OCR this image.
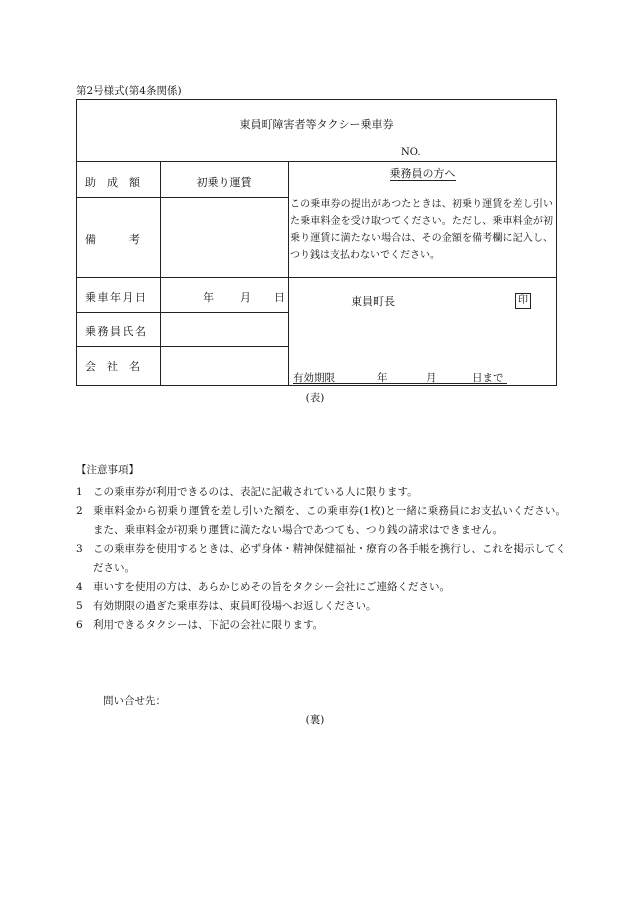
第2号様式(第4条関係)
東員町障害者等タクシー乗車券
NO.
助　成　額	初乗り運賃
備　　　考
乗車年月日	年 月 日
乗務員氏名
会　社　名
乗務員の方へ
この乗車券の提出があつたときは、初乗り運賃を差し引いた乗車料金を受け取つてください。ただし、乗車料金が初乗り運賃に満たない場合は、その金額を備考欄に記入し、つり銭は支払わないでください。
東員町長	印
有効期限	年	月	日まで
(表)
【注意事項】
1 この乗車券が利用できるのは、表記に記載されている人に限ります。
2 乗車料金から初乗り運賃を差し引いた額を、この乗車券(1枚)と一緒に乗務員にお支払いください。また、乗車料金が初乗り運賃に満たない場合であつても、つり銭の請求はできません。
3 この乗車券を使用するときは、必ず身体・精神保健福祉・療育の各手帳を携行し、これを掲示してください。
4 車いすを使用の方は、あらかじめその旨をタクシー会社にご連絡ください。
5 有効期限の過ぎた乗車券は、東員町役場へお返しください。
6 利用できるタクシーは、下記の会社に限ります。
問い合せ先：
(裏)
